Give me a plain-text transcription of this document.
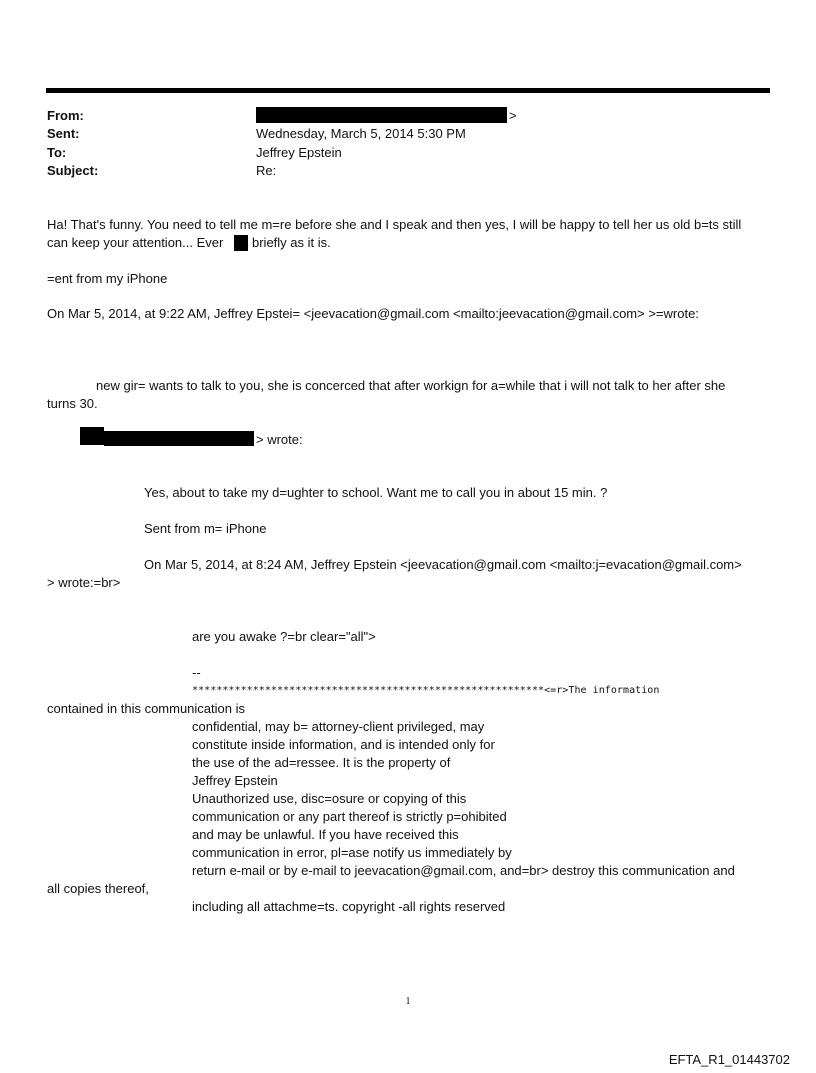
From:	>
Sent:	Wednesday, March 5, 2014 5:30 PM
To:	Jeffrey Epstein
Subject:	Re:
Ha! That's funny. You need to tell me m=re before she and I speak and then yes, I will be happy to tell her us old b=ts still
can keep your attention... Ever briefly as it is.
=ent from my iPhone
On Mar 5, 2014, at 9:22 AM, Jeffrey Epstei= <jeevacation@gmail.com <mailto:jeevacation@gmail.com> >=wrote:
new gir= wants to talk to you, she is concerced that after workign for a=while that i will not talk to her after she
turns 30.
> wrote:
Yes, about to take my d=ughter to school. Want me to call you in about 15 min. ?
Sent from m= iPhone
On Mar 5, 2014, at 8:24 AM, Jeffrey Epstein <jeevacation@gmail.com <mailto:j=evacation@gmail.com>
> wrote:=br>
are you awake ?=br clear="all">
--
**********************************************************<=r>The information
contained in this communication is
confidential, may b= attorney-client privileged, may
constitute inside information, and is intended only for
the use of the ad=ressee. It is the property of
Jeffrey Epstein
Unauthorized use, disc=osure or copying of this
communication or any part thereof is strictly p=ohibited
and may be unlawful. If you have received this
communication in error, pl=ase notify us immediately by
return e-mail or by e-mail to jeevacation@gmail.com, and=br> destroy this communication and
all copies thereof,
including all attachme=ts. copyright -all rights reserved
1
EFTA_R1_01443702
